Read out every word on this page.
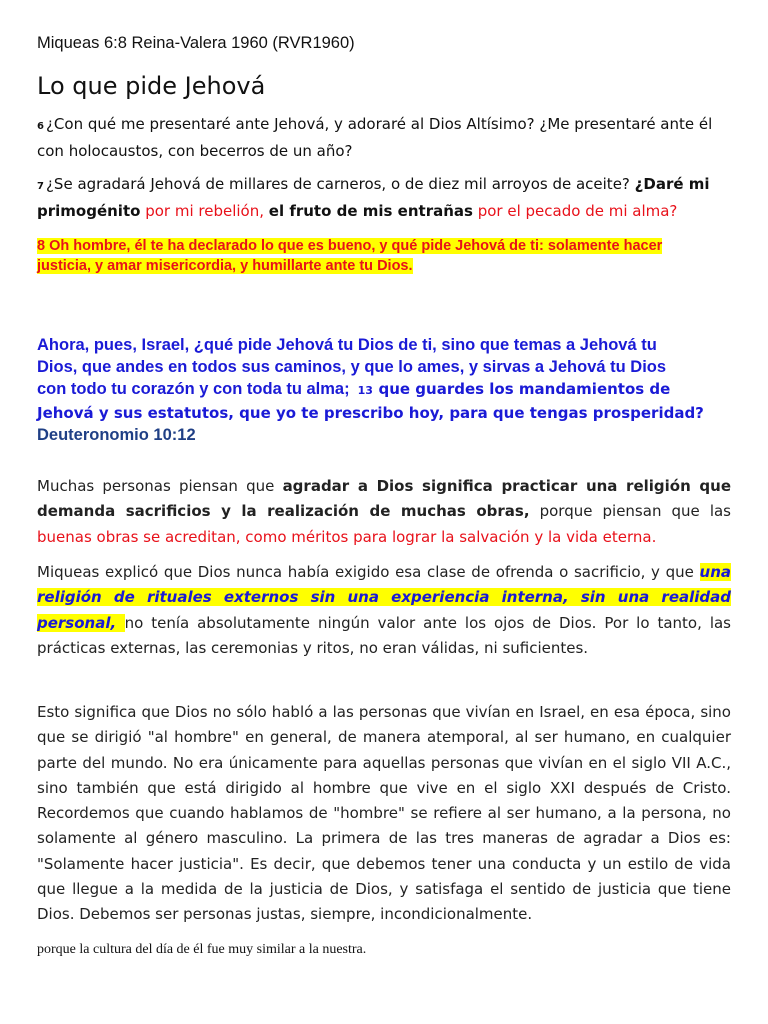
Miqueas 6:8 Reina-Valera 1960 (RVR1960)
Lo que pide Jehová
6 ¿Con qué me presentaré ante Jehová, y adoraré al Dios Altísimo? ¿Me presentaré ante él con holocaustos, con becerros de un año?
7 ¿Se agradará Jehová de millares de carneros, o de diez mil arroyos de aceite? ¿Daré mi primogénito por mi rebelión, el fruto de mis entrañas por el pecado de mi alma?
8 Oh hombre, él te ha declarado lo que es bueno, y qué pide Jehová de ti: solamente hacer
justicia, y amar misericordia, y humillarte ante tu Dios.
Ahora, pues, Israel, ¿qué pide Jehová tu Dios de ti, sino que temas a Jehová tu
Dios, que andes en todos sus caminos, y que lo ames, y sirvas a Jehová tu Dios
con todo tu corazón y con toda tu alma; 13 que guardes los mandamientos de
Jehová y sus estatutos, que yo te prescribo hoy, para que tengas prosperidad?
Deuteronomio 10:12
Muchas personas piensan que agradar a Dios significa practicar una religión que demanda sacrificios y la realización de muchas obras, porque piensan que las buenas obras se acreditan, como méritos para lograr la salvación y la vida eterna.
Miqueas explicó que Dios nunca había exigido esa clase de ofrenda o sacrificio, y que una religión de rituales externos sin una experiencia interna, sin una realidad personal, no tenía absolutamente ningún valor ante los ojos de Dios. Por lo tanto, las prácticas externas, las ceremonias y ritos, no eran válidas, ni suficientes.
Esto significa que Dios no sólo habló a las personas que vivían en Israel, en esa época, sino que se dirigió "al hombre" en general, de manera atemporal, al ser humano, en cualquier parte del mundo. No era únicamente para aquellas personas que vivían en el siglo VII A.C., sino también que está dirigido al hombre que vive en el siglo XXI después de Cristo. Recordemos que cuando hablamos de "hombre" se refiere al ser humano, a la persona, no solamente al género masculino. La primera de las tres maneras de agradar a Dios es: "Solamente hacer justicia". Es decir, que debemos tener una conducta y un estilo de vida que llegue a la medida de la justicia de Dios, y satisfaga el sentido de justicia que tiene Dios. Debemos ser personas justas, siempre, incondicionalmente.
porque la cultura del día de él fue muy similar a la nuestra.
